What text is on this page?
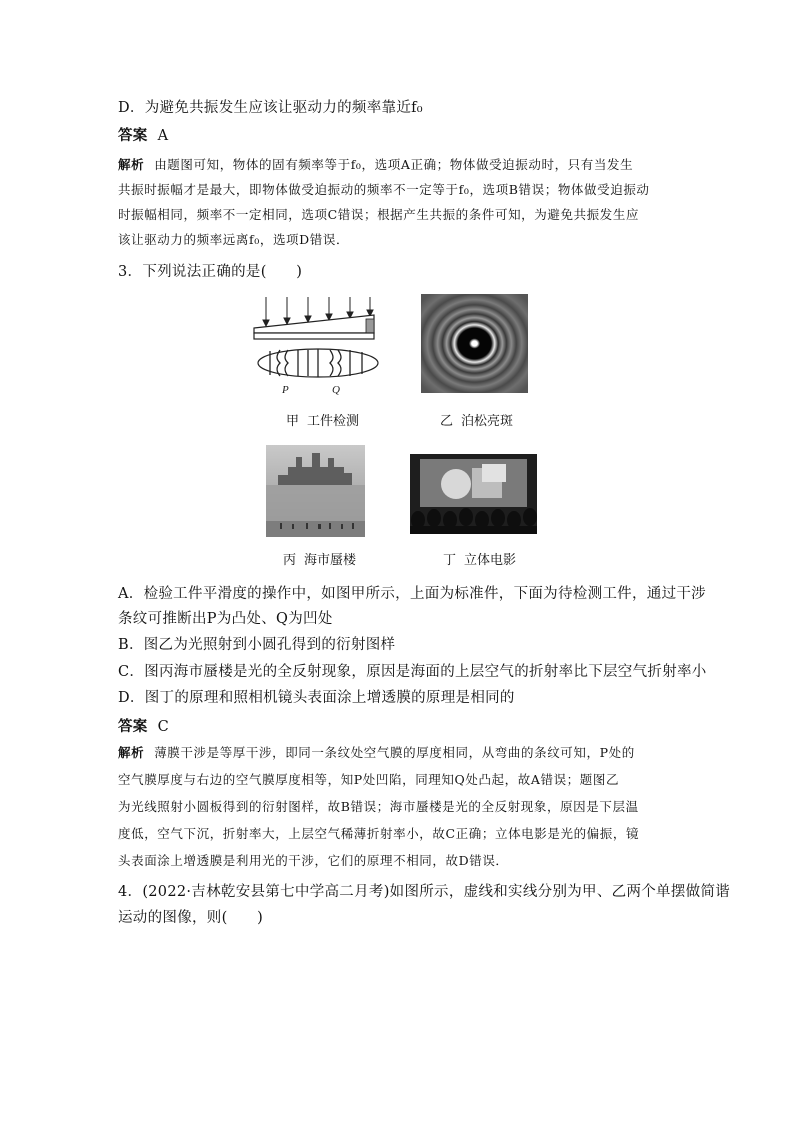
D．为避免共振发生应该让驱动力的频率靠近f₀
答案 A
解析 由题图可知，物体的固有频率等于f₀，选项A正确；物体做受迫振动时，只有当发生
共振时振幅才是最大，即物体做受迫振动的频率不一定等于f₀，选项B错误；物体做受迫振动
时振幅相同，频率不一定相同，选项C错误；根据产生共振的条件可知，为避免共振发生应
该让驱动力的频率远离f₀，选项D错误．
3．下列说法正确的是(　　)
P	Q
甲 工件检测	乙 泊松亮斑
丙 海市蜃楼	丁 立体电影
A．检验工件平滑度的操作中，如图甲所示，上面为标准件，下面为待检测工件，通过干涉
条纹可推断出P为凸处、Q为凹处
B．图乙为光照射到小圆孔得到的衍射图样
C．图丙海市蜃楼是光的全反射现象，原因是海面的上层空气的折射率比下层空气折射率小
D．图丁的原理和照相机镜头表面涂上增透膜的原理是相同的
答案 C
解析 薄膜干涉是等厚干涉，即同一条纹处空气膜的厚度相同，从弯曲的条纹可知，P处的
空气膜厚度与右边的空气膜厚度相等，知P处凹陷，同理知Q处凸起，故A错误；题图乙
为光线照射小圆板得到的衍射图样，故B错误；海市蜃楼是光的全反射现象，原因是下层温
度低，空气下沉，折射率大，上层空气稀薄折射率小，故C正确；立体电影是光的偏振，镜
头表面涂上增透膜是利用光的干涉，它们的原理不相同，故D错误．
4．(2022·吉林乾安县第七中学高二月考)如图所示，虚线和实线分别为甲、乙两个单摆做简谐
运动的图像，则(　　)
